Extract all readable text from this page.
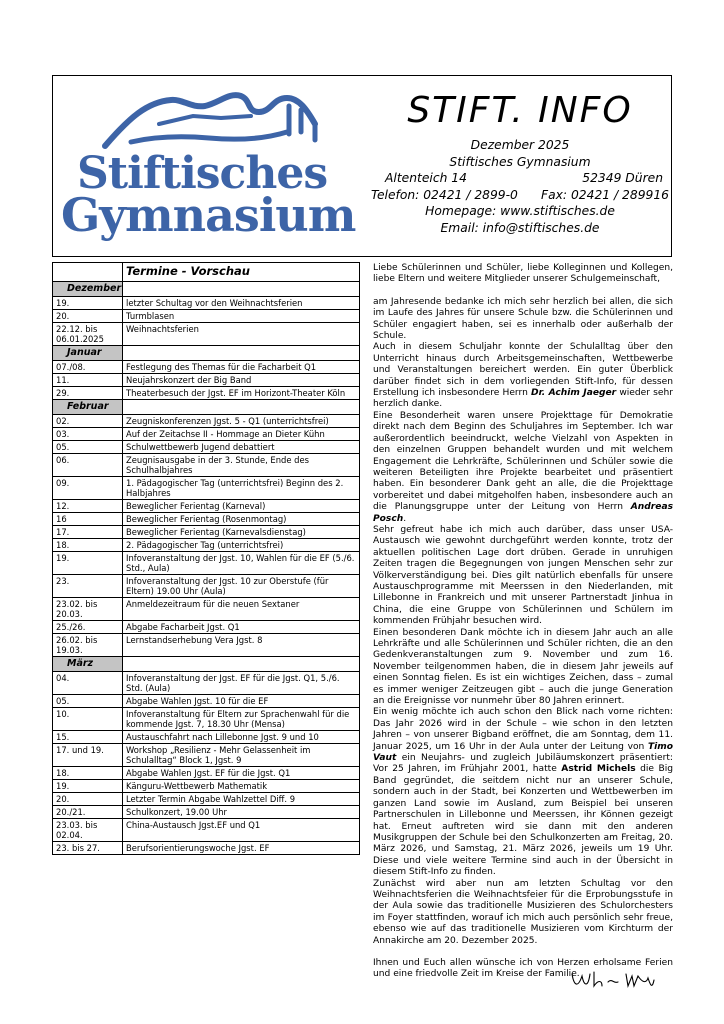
Stiftisches
Gymnasium
STIFT. INFO
Dezember 2025
Stiftisches Gymnasium
Altenteich 14	52349 Düren
Telefon: 02421 / 2899-0 Fax: 02421 / 289916
Homepage: www.stiftisches.de
Email: info@stiftisches.de
	Termine - Vorschau
Dezember	
19.	letzter Schultag vor den Weihnachtsferien
20.	Turmblasen
22.12. bis 06.01.2025	Weihnachtsferien
Januar	
07./08.	Festlegung des Themas für die Facharbeit Q1
11.	Neujahrskonzert der Big Band
29.	Theaterbesuch der Jgst. EF im Horizont-Theater Köln
Februar	
02.	Zeugniskonferenzen Jgst. 5 - Q1 (unterrichtsfrei)
03.	Auf der Zeitachse II - Hommage an Dieter Kühn
05.	Schulwettbewerb Jugend debattiert
06.	Zeugnisausgabe in der 3. Stunde, Ende des Schulhalbjahres
09.	1. Pädagogischer Tag (unterrichtsfrei) Beginn des 2. Halbjahres
12.	Beweglicher Ferientag (Karneval)
16	Beweglicher Ferientag (Rosenmontag)
17.	Beweglicher Ferientag (Karnevalsdienstag)
18.	2. Pädagogischer Tag (unterrichtsfrei)
19.	Infoveranstaltung der Jgst. 10, Wahlen für die EF (5./6. Std., Aula)
23.	Infoveranstaltung der Jgst. 10 zur Oberstufe (für Eltern) 19.00 Uhr (Aula)
23.02. bis 20.03.	Anmeldezeitraum für die neuen Sextaner
25./26.	Abgabe Facharbeit Jgst. Q1
26.02. bis 19.03.	Lernstandserhebung Vera Jgst. 8
März	
04.	Infoveranstaltung der Jgst. EF für die Jgst. Q1, 5./6. Std. (Aula)
05.	Abgabe Wahlen Jgst. 10 für die EF
10.	Infoveranstaltung für Eltern zur Sprachenwahl für die kommende Jgst. 7, 18.30 Uhr (Mensa)
15.	Austauschfahrt nach Lillebonne Jgst. 9 und 10
17. und 19.	Workshop „Resilienz - Mehr Gelassenheit im Schulalltag“ Block 1, Jgst. 9
18.	Abgabe Wahlen Jgst. EF für die Jgst. Q1
19.	Känguru-Wettbewerb Mathematik
20.	Letzter Termin Abgabe Wahlzettel Diff. 9
20./21.	Schulkonzert, 19.00 Uhr
23.03. bis 02.04.	China-Austausch Jgst.EF und Q1
23. bis 27.	Berufsorientierungswoche Jgst. EF

Liebe Schülerinnen und Schüler, liebe Kolleginnen und Kollegen, liebe Eltern und weitere Mitglieder unserer Schulgemeinschaft,

am Jahresende bedanke ich mich sehr herzlich bei allen, die sich im Laufe des Jahres für unsere Schule bzw. die Schülerinnen und Schüler engagiert haben, sei es innerhalb oder außerhalb der Schule.

Auch in diesem Schuljahr konnte der Schulalltag über den Unterricht hinaus durch Arbeitsgemeinschaften, Wettbewerbe und Veranstaltungen bereichert werden. Ein guter Überblick darüber findet sich in dem vorliegenden Stift-Info, für dessen Erstellung ich insbesondere Herrn Dr. Achim Jaeger wieder sehr herzlich danke.

Eine Besonderheit waren unsere Projekttage für Demokratie direkt nach dem Beginn des Schuljahres im September. Ich war außerordentlich beeindruckt, welche Vielzahl von Aspekten in den einzelnen Gruppen behandelt wurden und mit welchem Engagement die Lehrkräfte, Schülerinnen und Schüler sowie die weiteren Beteiligten ihre Projekte bearbeitet und präsentiert haben. Ein besonderer Dank geht an alle, die die Projekttage vorbereitet und dabei mitgeholfen haben, insbesondere auch an die Planungsgruppe unter der Leitung von Herrn Andreas Posch.

Sehr gefreut habe ich mich auch darüber, dass unser USA-Austausch wie gewohnt durchgeführt werden konnte, trotz der aktuellen politischen Lage dort drüben. Gerade in unruhigen Zeiten tragen die Begegnungen von jungen Menschen sehr zur Völkerverständigung bei. Dies gilt natürlich ebenfalls für unsere Austauschprogramme mit Meerssen in den Niederlanden, mit Lillebonne in Frankreich und mit unserer Partnerstadt Jinhua in China, die eine Gruppe von Schülerinnen und Schülern im kommenden Frühjahr besuchen wird.

Einen besonderen Dank möchte ich in diesem Jahr auch an alle Lehrkräfte und alle Schülerinnen und Schüler richten, die an den Gedenkveranstaltungen zum 9. November und zum 16. November teilgenommen haben, die in diesem Jahr jeweils auf einen Sonntag fielen. Es ist ein wichtiges Zeichen, dass – zumal es immer weniger Zeitzeugen gibt – auch die junge Generation an die Ereignisse vor nunmehr über 80 Jahren erinnert.

Ein wenig möchte ich auch schon den Blick nach vorne richten: Das Jahr 2026 wird in der Schule – wie schon in den letzten Jahren – von unserer Bigband eröffnet, die am Sonntag, dem 11. Januar 2025, um 16 Uhr in der Aula unter der Leitung von Timo Vaut ein Neujahrs- und zugleich Jubiläumskonzert präsentiert: Vor 25 Jahren, im Frühjahr 2001, hatte Astrid Michels die Big Band gegründet, die seitdem nicht nur an unserer Schule, sondern auch in der Stadt, bei Konzerten und Wettbewerben im ganzen Land sowie im Ausland, zum Beispiel bei unseren Partnerschulen in Lillebonne und Meerssen, ihr Können gezeigt hat. Erneut auftreten wird sie dann mit den anderen Musikgruppen der Schule bei den Schulkonzerten am Freitag, 20. März 2026, und Samstag, 21. März 2026, jeweils um 19 Uhr. Diese und viele weitere Termine sind auch in der Übersicht in diesem Stift-Info zu finden.

Zunächst wird aber nun am letzten Schultag vor den Weihnachtsferien die Weihnachtsfeier für die Erprobungsstufe in der Aula sowie das traditionelle Musizieren des Schulorchesters im Foyer stattfinden, worauf ich mich auch persönlich sehr freue, ebenso wie auf das traditionelle Musizieren vom Kirchturm der Annakirche am 20. Dezember 2025.

Ihnen und Euch allen wünsche ich von Herzen erholsame Ferien und eine friedvolle Zeit im Kreise der Familie.
